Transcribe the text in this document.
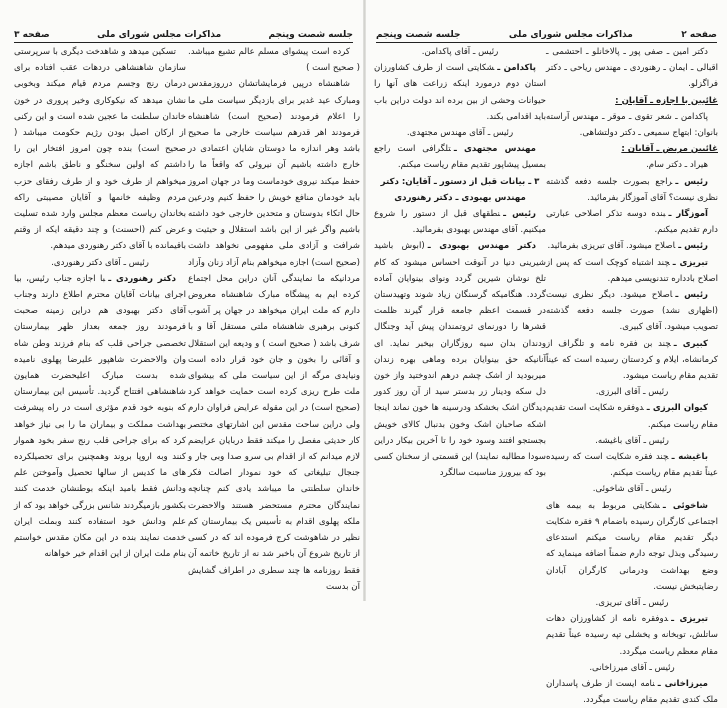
صفحه ۳	مذاکرات مجلس شورای ملی	جلسه شصت وپنجم

کرده است پیشوای مسلم عالم تشیع میباشد. ( صحیح است )

شاهنشاه درپیں فرمایشاتشان درروزمقدس ومبارک عید غدیر برای بازدیگر سیاست ملی ما را اعلام فرمودند (صحیح است) شاهنشاه فرمودند اهر قدرهم سیاست خارجی ما صحیح باشد وهر اندازه ما دوستان شایان اعتمادی در خارج داشته باشیم آن نیروئی که واقعاً ما را حفظ میکند نیروی خودماست وما در جهان امروز باید خودمان منافع خویش را حفظ کنیم ودرعین حال اتکاء بدوستان و متحدین خارجی خود داشته باشیم واگر غیر از این باشد استقلال و حیثیت و شرافت و آزادی ملی مفهومی نخواهد داشت (صحیح است) اجازه میخواهم بنام آزاد زنان وآزاد مردانیکه ما نمایندگی آنان دراین محل اجتماع کرده ایم به پیشگاه مبارک شاهنشاه معروض دارم که ملت ایران میخواهد در جهان پر آشوب کنونی برهبری شاهنشاه ملتی مستقل آقا و با شرف باشد ( صحیح است ) و ودیعه این استقلال و آقائی را بخون و جان خود قرار داده است ونیایدی مرگه از این سیاست ملی که بیشوای ملت طرح ریزی کرده است حمایت خواهد کرد (صحیح است) در این مقوله عرایض فراوان دارم ولی دراین ساحت مقدس این اشارتهای مختصر کار حدیثی مفصل را میکند فقط دربایان عرایضم لازم میدانم که از اقدام بی سرو صدا وبی جار و جنجال تبلیغاتی که خود نمودار اصالت فکر خاندان سلطنتی ما میباشد یادی کنم چنانچه نمایندگان محترم مستحضر هستند والاحضرت ملکه پهلوی اقدام به تأسیس یک بیمارستان کم نظیر در شاهوشت کرج فرموده اند که در کسی از تاریخ شروع آن باخبر شد نه از تاریخ خاتمه آن فقط روزنامه ها چند سطری در اطراف گشایش آن بدست

تسکین میدهد و شاهدخت دیگری با سرپرستی سازمان شاهنشاهی دردهات عقب افتاده برای درمان رنج وجسم مردم قیام میکند وبخوبی نشان میدهد که نیکوکاری وخیر پروری در خون خاندان سلطنت ما عجین شده است و این رکنی از ارکان اصیل بودن رژیم حکومت میباشد ( صحیح است) بنده چون امروز افتخار این را داشتم که اولین سخنگو و ناطق باشم اجازه میخواهم از طرف خود و از طرف رفقای حزب مردم وظیفه خانمها و آقایان مصیبتی راکه بخاندان ریاست معظم مجلس وارد شده تسلیت عرض کنم (احسنت) و چند دقیقه ایکه از وقتم باقیمانده با آقای دکتر رهنوردی میدهم.

رئیس ـ آقای دکتر رهنوردی.

دکتر رهنوردی ـبا اجازه جناب رئیس، بیا اجرای بیانات آقایان محترم اطلاع دارند وجناب آقای دکتر بهبودی هم دراین زمینه صحبت فرمودند روز جمعه بعداز ظهر بیمارستان تخصصی جراحی قلب که بنام فرزند وطن شاه وان والاحضرت شاهپور علیرضا پهلوی نامیده شده بدست مبارک اعلیحضرت همایون شاهنشاهی افتتاح گردید. تأسیس این بیمارستان که بنوبه خود قدم مؤثری است در راه پیشرفت بهداشت مملکت و بیماران ما را بی نیاز خواهد کرد که برای جراحی قلب رنج سفر بخود هموار کنند وبه اروپا بروند وهمچنین برای تحصیلکرده های ما کدیس از سالها تحصیل وآموختن علم ودانش فقط بامید اینکه بوطنشان خدمت کنند بکشور بازمیگردند شانس بزرگی خواهد بود که از علم ودانش خود استفاده کنند وبملت ایران خدمت نمایند بنده در این مکان مقدس خواستم بنام ملت ایران از این اقدام خیر خواهانه

جلسه شصت وپنجم	مذاکرات مجلس شورای ملی	صفحه ۲

دکتر امین ـ صفی پور ـ پالاخانلو ـ احتشمی ـ اقبالی ـ ایمان ـ رهنوردی ـ مهندس ریاحی ـ دکتر فراگزلو.

غائبین با اجازه ـ آقایان :

پاکدامن ـ شعر تقوی ـ موقر ـ مهندس آراسته بانوان: ابتهاج سمیعی ـ دکتر دولتشاهی.

غائبین مریض ـ آقایان :

هیراد ـ دکتر سام.

رئیس ـراجع بصورت جلسه دفعه گذشته نظری نیست؟ آقای آموزگار بفرمائید.

آموزگار ـبنده دوسه تذکر اصلاحی عبارتی دارم تقدیم میکنم.

رئیس ـاصلاح میشود. آقای تبریزی بفرمائید.

تبریزی ـچند اشتباه کوچک است که پس از اصلاح بادداره تندنویسی میدهم.

رئیس ـاصلاح میشود. دیگر نظری نیست (اظهاری نشد) صورت جلسه دفعه گذشته تصویب میشود. آقای کبیری.

کبیری ـچند بن فقره نامه و تلگراف از کرمانشاه، ایلام و کردستان رسیده است که عیناً تقدیم مقام ریاست میشود.

رئیس ـ آقای البرزی.

کیوان البرزی ـدوفقره شکایت است تقدیم مقام ریاست میکنم.

رئیس ـ آقای باغیشه.

باغیشه ـچند فقره شکایت است که رسیده عیناً تقدیم مقام ریاست میکنم.

رئیس ـ آقای شاخوئی.

شاخوئی ـشکایتی مربوط به بیمه های اجتماعی کارگران رسیده باضمام ۹ فقره شکایت دیگر تقدیم مقام ریاست میکنم استدعای رسیدگی وبذل توجه دارم ضمناً اضافه مینماید که وضع بهداشت ودرمانی کارگران آبادان رضایتبخش نیست.

رئیس ـ آقای تبریزی.

تبریزی ـدوفقره نامه از کشاورزان دهات ساتلش، توبخانه و یخشلی تپه رسیده عیناً تقدیم مقام معظم ریاست میگردد.

رئیس ـ آقای میرزاخانی.

میرزاخانی ـنامه ایست از طرف پاسداران ملک کندی تقدیم مقام ریاست میگردد.

رئیس ـ آقای پاکدامن.

پاکدامن ـشکایتی است از طرف کشاورزان استان دوم درمورد اینکه زراعت های آنها را حیوانات وحشی از بین برده اند دولت دراین باب باید اقدامی بکند.

رئیس ـ آقای مهندس مجتهدی.

مهندس مجتهدی ـتلگرافی است راجع بمسیل پیشاپور تقدیم مقام ریاست میکنم.

۳ ـ بیانات قبل از دستور ـ آقایان: دکتر مهندس بهبودی ـ دکتر رهنوردی

رئیس ـنطقهای قبل از دستور را شروع میکنیم. آقای مهندس بهبودی بفرمائید.

دکتر مهندس بهبودی ـ(ابوش باشید شیرینی دنیا در آنوقت احساس میشود که کام تلخ نوشان شیرین گردد ونوای بینوایان آماده گردد. هنگامیکه گرسنگان زیاد شوند وتهیدستان در قسمت اعظم جامعه قرار گیرند ظلمت قشرها را دورنمای ثروتمندان پیش آید وجنگال ودندان بدان سیه روزگاران بیخبر نماید. ای آنانیکه حق بینوایان برده وماهی بهره زندان میربودید از اشک چشم درهم اندوختید واز خون دل سکه ودینار زر بدستر سید از آن روز کدور دیدگان اشک بخشکد ودرسینه ها خون نماند اینجا اشکه صاحبان اشک وخون بدنبال کالای خویش بجستجو افتند وسود خود را تا آخرین بیکار دراین سودا مطالبه نمایند) این قسمتی از سخنان کسی بود که بیرورز مناسبت سالگرد
